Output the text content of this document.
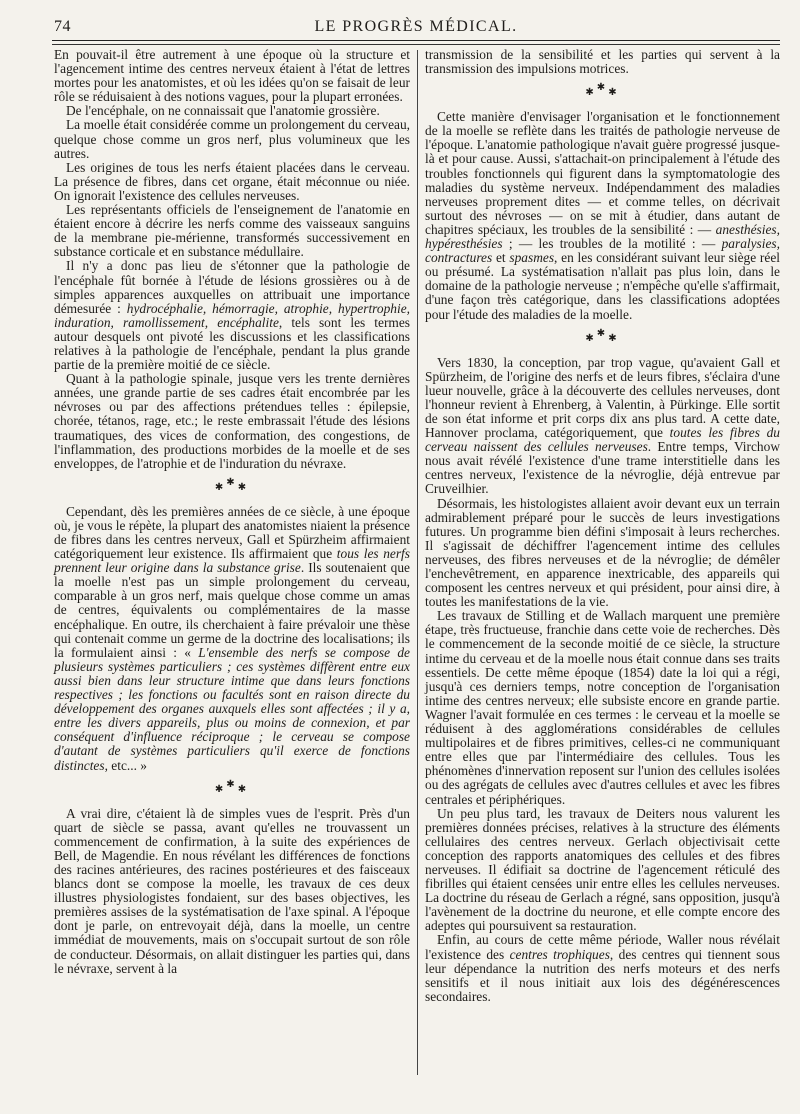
74	LE PROGRÈS MÉDICAL.

En pouvait-il être autrement à une époque où la structure et l'agencement intime des centres nerveux étaient à l'état de lettres mortes pour les anatomistes, et où les idées qu'on se faisait de leur rôle se réduisaient à des notions vagues, pour la plupart erronées.

De l'encéphale, on ne connaissait que l'anatomie grossière.

La moelle était considérée comme un prolongement du cerveau, quelque chose comme un gros nerf, plus volumineux que les autres.

Les origines de tous les nerfs étaient placées dans le cerveau. La présence de fibres, dans cet organe, était méconnue ou niée. On ignorait l'existence des cellules nerveuses.

Les représentants officiels de l'enseignement de l'anatomie en étaient encore à décrire les nerfs comme des vaisseaux sanguins de la membrane pie-mérienne, transformés successivement en substance corticale et en substance médullaire.

Il n'y a donc pas lieu de s'étonner que la pathologie de l'encéphale fût bornée à l'étude de lésions grossières ou à de simples apparences auxquelles on attribuait une importance démesurée : hydrocéphalie, hémorragie, atrophie, hypertrophie, induration, ramollissement, encéphalite, tels sont les termes autour desquels ont pivoté les discussions et les classifications relatives à la pathologie de l'encéphale, pendant la plus grande partie de la première moitié de ce siècle.

Quant à la pathologie spinale, jusque vers les trente dernières années, une grande partie de ses cadres était encombrée par les névroses ou par des affections prétendues telles : épilepsie, chorée, tétanos, rage, etc.; le reste embrassait l'étude des lésions traumatiques, des vices de conformation, des congestions, de l'inflammation, des productions morbides de la moelle et de ses enveloppes, de l'atrophie et de l'induration du névraxe.

✱ ✱ ✱

Cependant, dès les premières années de ce siècle, à une époque où, je vous le répète, la plupart des anatomistes niaient la présence de fibres dans les centres nerveux, Gall et Spürzheim affirmaient catégoriquement leur existence. Ils affirmaient que tous les nerfs prennent leur origine dans la substance grise. Ils soutenaient que la moelle n'est pas un simple prolongement du cerveau, comparable à un gros nerf, mais quelque chose comme un amas de centres, équivalents ou complémentaires de la masse encéphalique. En outre, ils cherchaient à faire prévaloir une thèse qui contenait comme un germe de la doctrine des localisations; ils la formulaient ainsi : « L'ensemble des nerfs se compose de plusieurs systèmes particuliers ; ces systèmes diffèrent entre eux aussi bien dans leur structure intime que dans leurs fonctions respectives ; les fonctions ou facultés sont en raison directe du développement des organes auxquels elles sont affectées ; il y a, entre les divers appareils, plus ou moins de connexion, et par conséquent d'influence réciproque ; le cerveau se compose d'autant de systèmes particuliers qu'il exerce de fonctions distinctes, etc... »

✱ ✱ ✱

A vrai dire, c'étaient là de simples vues de l'esprit. Près d'un quart de siècle se passa, avant qu'elles ne trouvassent un commencement de confirmation, à la suite des expériences de Bell, de Magendie. En nous révélant les différences de fonctions des racines antérieures, des racines postérieures et des faisceaux blancs dont se compose la moelle, les travaux de ces deux illustres physiologistes fondaient, sur des bases objectives, les premières assises de la systématisation de l'axe spinal. A l'époque dont je parle, on entrevoyait déjà, dans la moelle, un centre immédiat de mouvements, mais on s'occupait surtout de son rôle de conducteur. Désormais, on allait distinguer les parties qui, dans le névraxe, servent à la

transmission de la sensibilité et les parties qui servent à la transmission des impulsions motrices.

✱ ✱ ✱

Cette manière d'envisager l'organisation et le fonctionnement de la moelle se reflète dans les traités de pathologie nerveuse de l'époque. L'anatomie pathologique n'avait guère progressé jusque-là et pour cause. Aussi, s'attachait-on principalement à l'étude des troubles fonctionnels qui figurent dans la symptomatologie des maladies du système nerveux. Indépendamment des maladies nerveuses proprement dites — et comme telles, on décrivait surtout des névroses — on se mit à étudier, dans autant de chapitres spéciaux, les troubles de la sensibilité : — anesthésies, hypéresthésies ; — les troubles de la motilité : — paralysies, contractures et spasmes, en les considérant suivant leur siège réel ou présumé. La systématisation n'allait pas plus loin, dans le domaine de la pathologie nerveuse ; n'empêche qu'elle s'affirmait, d'une façon très catégorique, dans les classifications adoptées pour l'étude des maladies de la moelle.

✱ ✱ ✱

Vers 1830, la conception, par trop vague, qu'avaient Gall et Spürzheim, de l'origine des nerfs et de leurs fibres, s'éclaira d'une lueur nouvelle, grâce à la découverte des cellules nerveuses, dont l'honneur revient à Ehrenberg, à Valentin, à Pürkinge. Elle sortit de son état informe et prit corps dix ans plus tard. A cette date, Hannover proclama, catégoriquement, que toutes les fibres du cerveau naissent des cellules nerveuses. Entre temps, Virchow nous avait révélé l'existence d'une trame interstitielle dans les centres nerveux, l'existence de la névroglie, déjà entrevue par Cruveilhier.

Désormais, les histologistes allaient avoir devant eux un terrain admirablement préparé pour le succès de leurs investigations futures. Un programme bien défini s'imposait à leurs recherches. Il s'agissait de déchiffrer l'agencement intime des cellules nerveuses, des fibres nerveuses et de la névroglie; de démêler l'enchevêtrement, en apparence inextricable, des appareils qui composent les centres nerveux et qui président, pour ainsi dire, à toutes les manifestations de la vie.

Les travaux de Stilling et de Wallach marquent une première étape, très fructueuse, franchie dans cette voie de recherches. Dès le commencement de la seconde moitié de ce siècle, la structure intime du cerveau et de la moelle nous était connue dans ses traits essentiels. De cette même époque (1854) date la loi qui a régi, jusqu'à ces derniers temps, notre conception de l'organisation intime des centres nerveux; elle subsiste encore en grande partie. Wagner l'avait formulée en ces termes : le cerveau et la moelle se réduisent à des agglomérations considérables de cellules multipolaires et de fibres primitives, celles-ci ne communiquant entre elles que par l'intermédiaire des cellules. Tous les phénomènes d'innervation reposent sur l'union des cellules isolées ou des agrégats de cellules avec d'autres cellules et avec les fibres centrales et périphériques.

Un peu plus tard, les travaux de Deiters nous valurent les premières données précises, relatives à la structure des éléments cellulaires des centres nerveux. Gerlach objectivisait cette conception des rapports anatomiques des cellules et des fibres nerveuses. Il édifiait sa doctrine de l'agencement réticulé des fibrilles qui étaient censées unir entre elles les cellules nerveuses. La doctrine du réseau de Gerlach a régné, sans opposition, jusqu'à l'avènement de la doctrine du neurone, et elle compte encore des adeptes qui poursuivent sa restauration.

Enfin, au cours de cette même période, Waller nous révélait l'existence des centres trophiques, des centres qui tiennent sous leur dépendance la nutrition des nerfs moteurs et des nerfs sensitifs et il nous initiait aux lois des dégénérescences secondaires.
